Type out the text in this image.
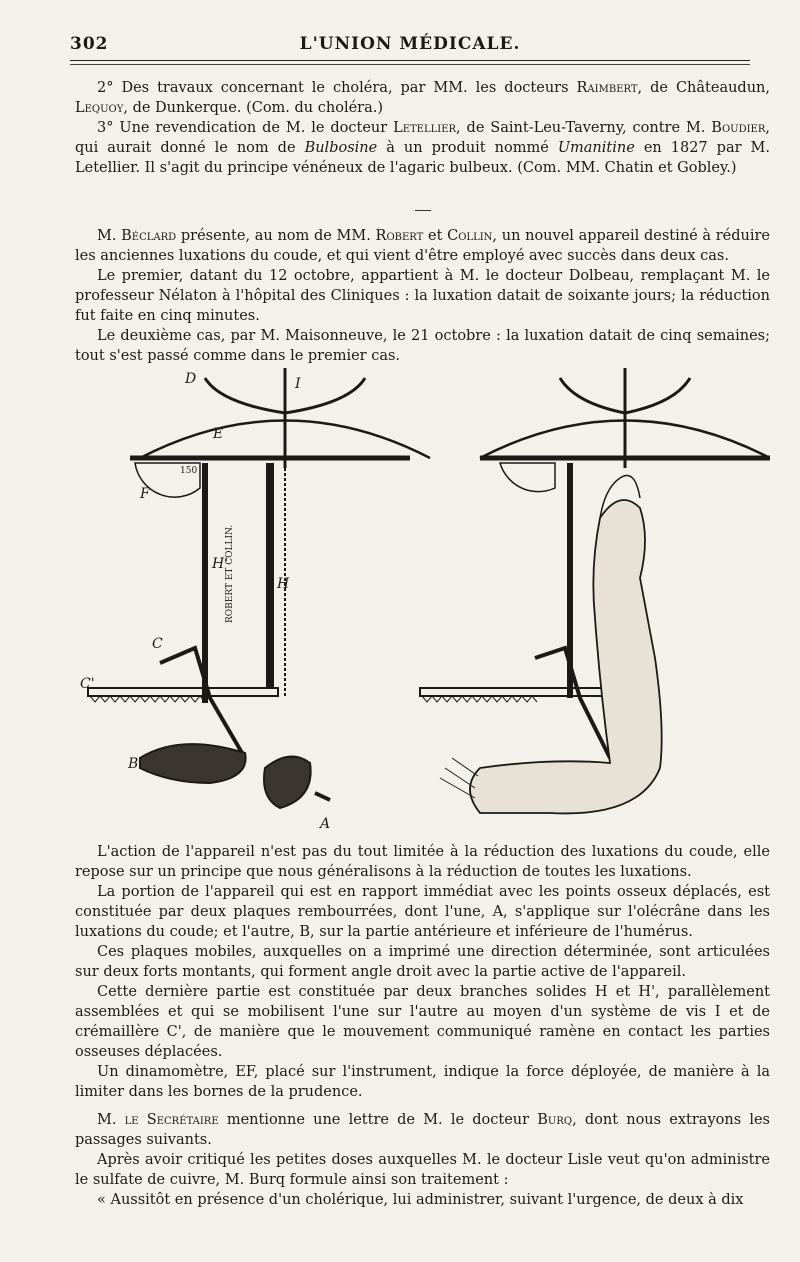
302	L'UNION MÉDICALE.

2° Des travaux concernant le choléra, par MM. les docteurs Raimbert, de Châteaudun, Lequoy, de Dunkerque. (Com. du choléra.)

3° Une revendication de M. le docteur Letellier, de Saint-Leu-Taverny, contre M. Boudier, qui aurait donné le nom de Bulbosine à un produit nommé Umanitine en 1827 par M. Letellier. Il s'agit du principe vénéneux de l'agaric bulbeux. (Com. MM. Chatin et Gobley.)

M. Béclard présente, au nom de MM. Robert et Collin, un nouvel appareil destiné à réduire les anciennes luxations du coude, et qui vient d'être employé avec succès dans deux cas.

Le premier, datant du 12 octobre, appartient à M. le docteur Dolbeau, remplaçant M. le professeur Nélaton à l'hôpital des Cliniques : la luxation datait de soixante jours; la réduction fut faite en cinq minutes.

Le deuxième cas, par M. Maisonneuve, le 21 octobre : la luxation datait de cinq semaines; tout s'est passé comme dans le premier cas.

D	I
E
F
H
H'
C
C'
B
A
150
ROBERT ET COLLIN.

L'action de l'appareil n'est pas du tout limitée à la réduction des luxations du coude, elle repose sur un principe que nous généralisons à la réduction de toutes les luxations.

La portion de l'appareil qui est en rapport immédiat avec les points osseux déplacés, est constituée par deux plaques rembourrées, dont l'une, A, s'applique sur l'olécrâne dans les luxations du coude; et l'autre, B, sur la partie antérieure et inférieure de l'humérus.

Ces plaques mobiles, auxquelles on a imprimé une direction déterminée, sont articulées sur deux forts montants, qui forment angle droit avec la partie active de l'appareil.

Cette dernière partie est constituée par deux branches solides H et H', parallèlement assemblées et qui se mobilisent l'une sur l'autre au moyen d'un système de vis I et de crémaillère C', de manière que le mouvement communiqué ramène en contact les parties osseuses déplacées.

Un dinamomètre, EF, placé sur l'instrument, indique la force déployée, de manière à la limiter dans les bornes de la prudence.

M. le Secrétaire mentionne une lettre de M. le docteur Burq, dont nous extrayons les passages suivants.

Après avoir critiqué les petites doses auxquelles M. le docteur Lisle veut qu'on administre le sulfate de cuivre, M. Burq formule ainsi son traitement :

« Aussitôt en présence d'un cholérique, lui administrer, suivant l'urgence, de deux à dix
